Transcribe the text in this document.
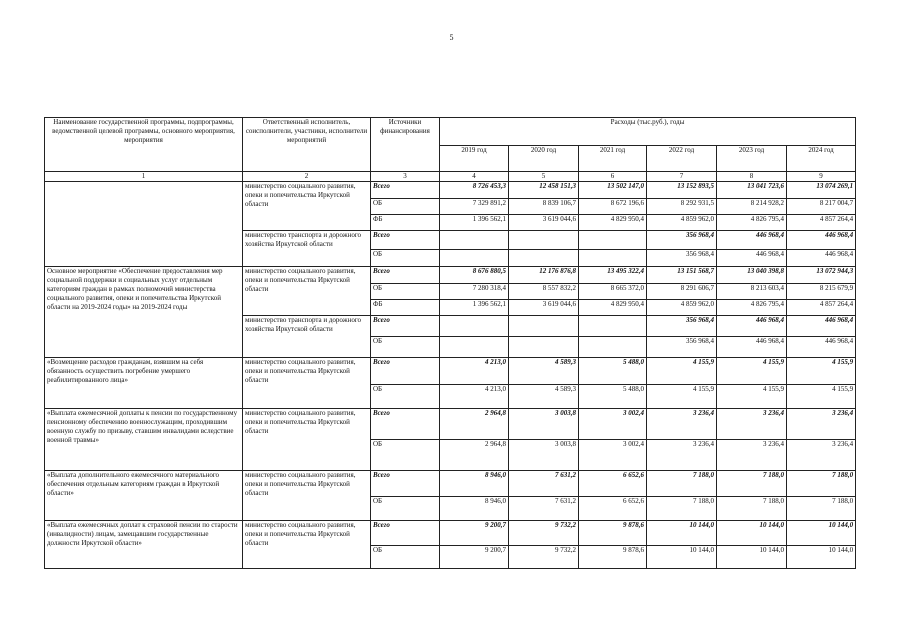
5
Наименование государственной программы, подпрограммы, ведомственной целевой программы, основного мероприятия, мероприятия	Ответственный исполнитель, соисполнители, участники, исполнители мероприятий	Источники финансирования	Расходы (тыс.руб.), годы					
			2019 год	2020 год	2021 год	2022 год	2023 год	2024 год
1	2	3	4	5	6	7	8	9
	министерство социального развития, опеки и попечительства Иркутской области	Всего	8 726 453,3	12 458 151,3	13 502 147,0	13 152 893,5	13 041 723,6	13 074 269,1
		ОБ	7 329 891,2	8 839 106,7	8 672 196,6	8 292 931,5	8 214 928,2	8 217 004,7
		ФБ	1 396 562,1	3 619 044,6	4 829 950,4	4 859 962,0	4 826 795,4	4 857 264,4
	министерство транспорта и дорожного хозяйства Иркутской области	Всего				356 968,4	446 968,4	446 968,4
		ОБ				356 968,4	446 968,4	446 968,4
Основное мероприятие «Обеспечение предоставления мер социальной поддержки и социальных услуг отдельным категориям граждан в рамках полномочий министерства социального развития, опеки и попечительства Иркутской области на 2019-2024 годы» на 2019-2024 годы	министерство социального развития, опеки и попечительства Иркутской области	Всего	8 676 880,5	12 176 876,8	13 495 322,4	13 151 568,7	13 040 398,8	13 072 944,3
		ОБ	7 280 318,4	8 557 832,2	8 665 372,0	8 291 606,7	8 213 603,4	8 215 679,9
		ФБ	1 396 562,1	3 619 044,6	4 829 950,4	4 859 962,0	4 826 795,4	4 857 264,4
	министерство транспорта и дорожного хозяйства Иркутской области	Всего				356 968,4	446 968,4	446 968,4
		ОБ				356 968,4	446 968,4	446 968,4
«Возмещение расходов гражданам, взявшим на себя обязанность осуществить погребение умершего реабилитированного лица»	министерство социального развития, опеки и попечительства Иркутской области	Всего	4 213,0	4 589,3	5 488,0	4 155,9	4 155,9	4 155,9
		ОБ	4 213,0	4 589,3	5 488,0	4 155,9	4 155,9	4 155,9
«Выплата ежемесячной доплаты к пенсии по государственному пенсионному обеспечению военнослужащим, проходившим военную службу по призыву, ставшим инвалидами вследствие военной травмы»	министерство социального развития, опеки и попечительства Иркутской области	Всего	2 964,8	3 003,8	3 002,4	3 236,4	3 236,4	3 236,4
		ОБ	2 964,8	3 003,8	3 002,4	3 236,4	3 236,4	3 236,4
«Выплата дополнительного ежемесячного материального обеспечения отдельным категориям граждан в Иркутской области»	министерство социального развития, опеки и попечительства Иркутской области	Всего	8 946,0	7 631,2	6 652,6	7 188,0	7 188,0	7 188,0
		ОБ	8 946,0	7 631,2	6 652,6	7 188,0	7 188,0	7 188,0
«Выплата ежемесячных доплат к страховой пенсии по старости (инвалидности) лицам, замещавшим государственные должности Иркутской области»	министерство социального развития, опеки и попечительства Иркутской области	Всего	9 200,7	9 732,2	9 878,6	10 144,0	10 144,0	10 144,0
		ОБ	9 200,7	9 732,2	9 878,6	10 144,0	10 144,0	10 144,0
